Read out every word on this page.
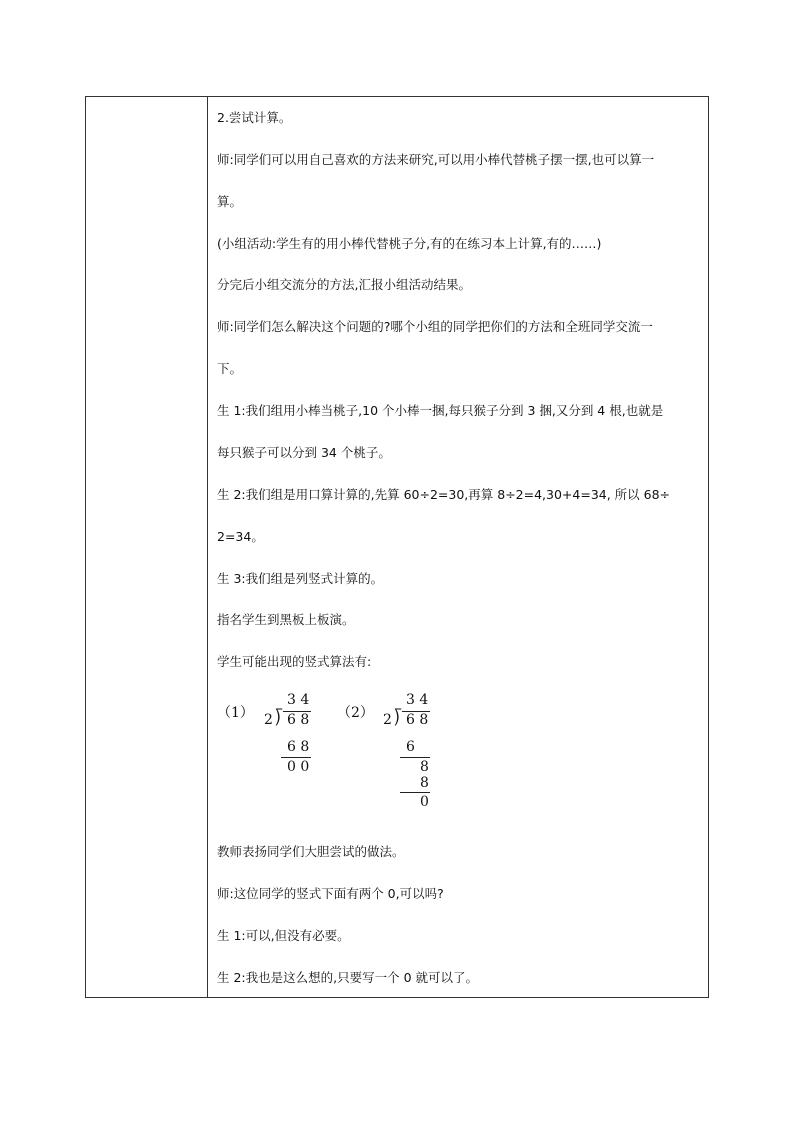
2.尝试计算。
师:同学们可以用自己喜欢的方法来研究,可以用小棒代替桃子摆一摆,也可以算一
算。
(小组活动:学生有的用小棒代替桃子分,有的在练习本上计算,有的……)
分完后小组交流分的方法,汇报小组活动结果。
师:同学们怎么解决这个问题的?哪个小组的同学把你们的方法和全班同学交流一
下。
生 1:我们组用小棒当桃子,10 个小棒一捆,每只猴子分到 3 捆,又分到 4 根,也就是
每只猴子可以分到 34 个桃子。
生 2:我们组是用口算计算的,先算 60÷2=30,再算 8÷2=4,30+4=34, 所以 68÷
2=34。
生 3:我们组是列竖式计算的。
指名学生到黑板上板演。
学生可能出现的竖式算法有:
（1）
3 4
2 ⟌ 6 8
6 8
0 0
（2）
3 4
2 ⟌ 6 8
6
8
8
0
教师表扬同学们大胆尝试的做法。
师:这位同学的竖式下面有两个 0,可以吗?
生 1:可以,但没有必要。
生 2:我也是这么想的,只要写一个 0 就可以了。
